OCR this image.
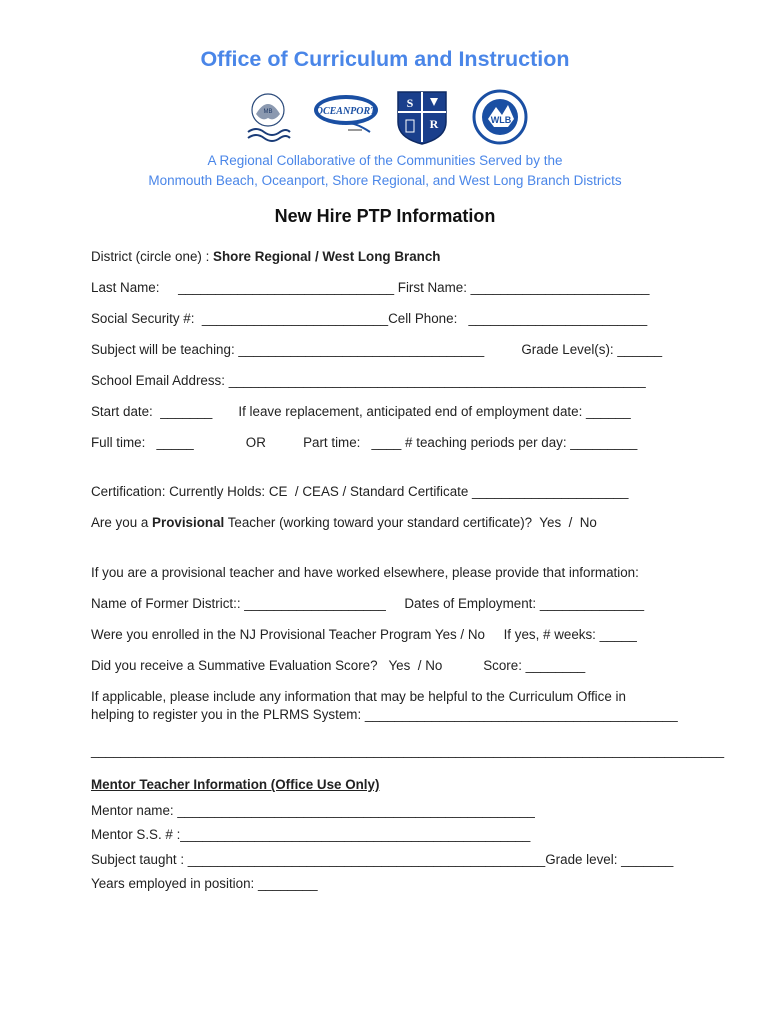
Office of Curriculum and Instruction
MB	OCEANPORT
S
R	WLB
A Regional Collaborative of the Communities Served by the
Monmouth Beach, Oceanport, Shore Regional, and West Long Branch Districts
New Hire PTP Information
District (circle one) : Shore Regional / West Long Branch
Last Name:     _____________________________ First Name: ________________________
Social Security #:  _________________________Cell Phone:   ________________________
Subject will be teaching: _________________________________          Grade Level(s): ______
School Email Address: ________________________________________________________
Start date:  _______       If leave replacement, anticipated end of employment date: ______
Full time:   _____              OR          Part time:   ____ # teaching periods per day: _________
Certification: Currently Holds: CE  / CEAS / Standard Certificate _____________________
Are you a Provisional Teacher (working toward your standard certificate)?  Yes  /  No
If you are a provisional teacher and have worked elsewhere, please provide that information:
Name of Former District:: ___________________     Dates of Employment: ______________
Were you enrolled in the NJ Provisional Teacher Program Yes / No     If yes, # weeks: _____
Did you receive a Summative Evaluation Score?   Yes  / No           Score: ________
If applicable, please include any information that may be helpful to the Curriculum Office in
helping to register you in the PLRMS System: __________________________________________
_____________________________________________________________________________________
Mentor Teacher Information (Office Use Only)
Mentor name: ________________________________________________
Mentor S.S. # :_______________________________________________
Subject taught : ________________________________________________Grade level: _______
Years employed in position: ________
